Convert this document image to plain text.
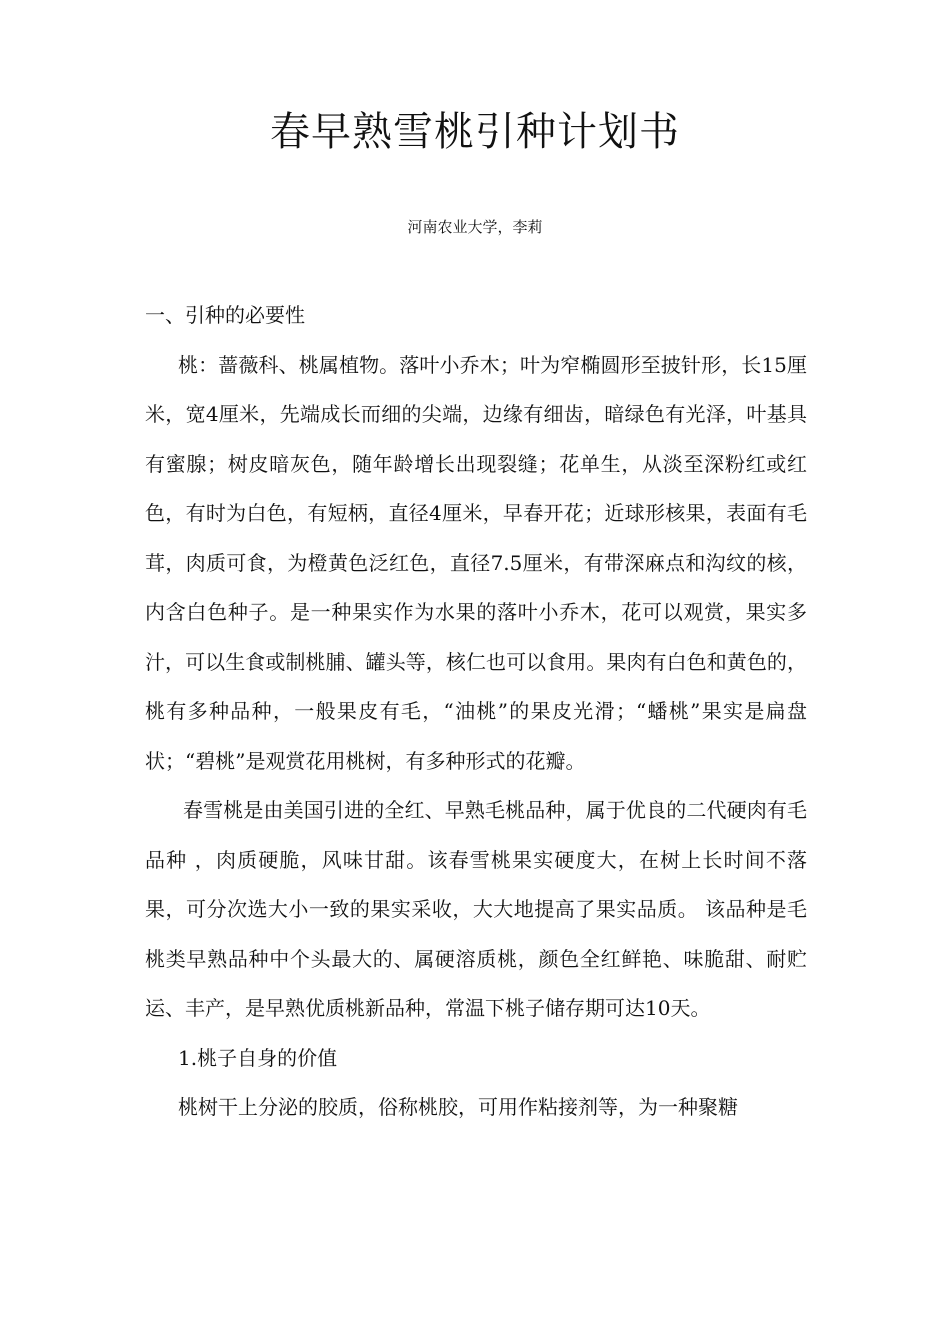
春早熟雪桃引种计划书

河南农业大学，李莉

一、引种的必要性

桃：蔷薇科、桃属植物。落叶小乔木；叶为窄椭圆形至披针形，长15厘米，宽4厘米，先端成长而细的尖端，边缘有细齿，暗绿色有光泽，叶基具有蜜腺；树皮暗灰色，随年龄增长出现裂缝；花单生，从淡至深粉红或红色，有时为白色，有短柄，直径4厘米，早春开花；近球形核果，表面有毛茸，肉质可食，为橙黄色泛红色，直径7.5厘米，有带深麻点和沟纹的核，内含白色种子。是一种果实作为水果的落叶小乔木，花可以观赏，果实多汁，可以生食或制桃脯、罐头等，核仁也可以食用。果肉有白色和黄色的，桃有多种品种，一般果皮有毛，“油桃”的果皮光滑；“蟠桃”果实是扁盘状；“碧桃”是观赏花用桃树，有多种形式的花瓣。

春雪桃是由美国引进的全红、早熟毛桃品种，属于优良的二代硬肉有毛品种 ，肉质硬脆，风味甘甜。该春雪桃果实硬度大，在树上长时间不落果，可分次选大小一致的果实采收，大大地提高了果实品质。 该品种是毛桃类早熟品种中个头最大的、属硬溶质桃，颜色全红鲜艳、味脆甜、耐贮运、丰产，是早熟优质桃新品种，常温下桃子储存期可达10天。

1.桃子自身的价值

桃树干上分泌的胶质，俗称桃胶，可用作粘接剂等，为一种聚糖
